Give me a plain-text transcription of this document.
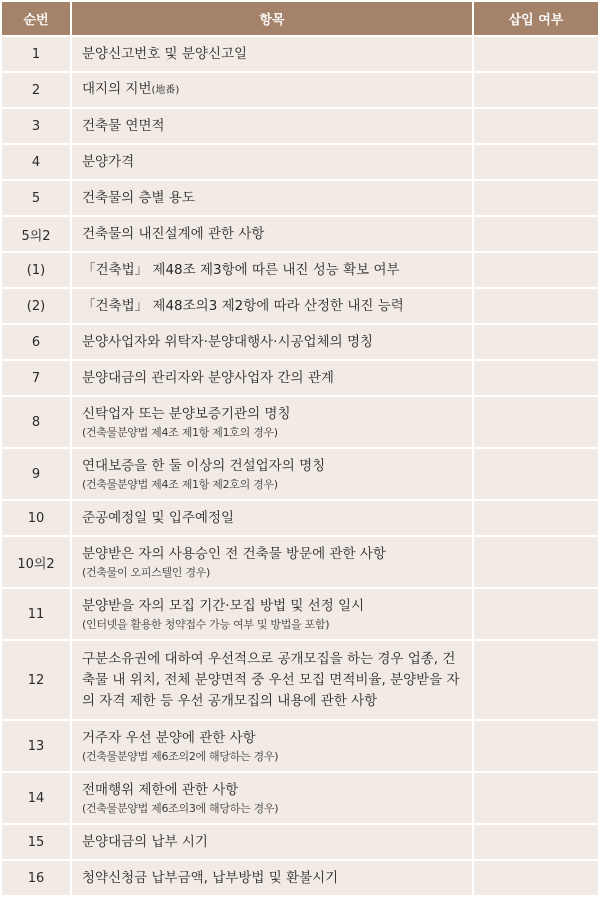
순번	항목	삽입 여부
1	분양신고번호 및 분양신고일	
2	대지의 지번(地番)	
3	건축물 연면적	
4	분양가격	
5	건축물의 층별 용도	
5의2	건축물의 내진설계에 관한 사항	
(1)	「건축법」 제48조 제3항에 따른 내진 성능 확보 여부	
(2)	「건축법」 제48조의3 제2항에 따라 산정한 내진 능력	
6	분양사업자와 위탁자·분양대행사·시공업체의 명칭	
7	분양대금의 관리자와 분양사업자 간의 관계	
8	신탁업자 또는 분양보증기관의 명칭
(건축물분양법 제4조 제1항 제1호의 경우)	

9	연대보증을 한 둘 이상의 건설업자의 명칭
(건축물분양법 제4조 제1항 제2호의 경우)	

10	준공예정일 및 입주예정일	
10의2	분양받은 자의 사용승인 전 건축물 방문에 관한 사항
(건축물이 오피스텔인 경우)	

11	분양받을 자의 모집 기간·모집 방법 및 선정 일시
(인터넷을 활용한 청약접수 가능 여부 및 방법을 포함)	

12	구분소유권에 대하여 우선적으로 공개모집을 하는 경우 업종, 건축물 내 위치, 전체 분양면적 중 우선 모집 면적비율, 분양받을 자의 자격 제한 등 우선 공개모집의 내용에 관한 사항	
13	거주자 우선 분양에 관한 사항
(건축물분양법 제6조의2에 해당하는 경우)	

14	전매행위 제한에 관한 사항
(건축물분양법 제6조의3에 해당하는 경우)	

15	분양대금의 납부 시기	
16	청약신청금 납부금액, 납부방법 및 환불시기	
